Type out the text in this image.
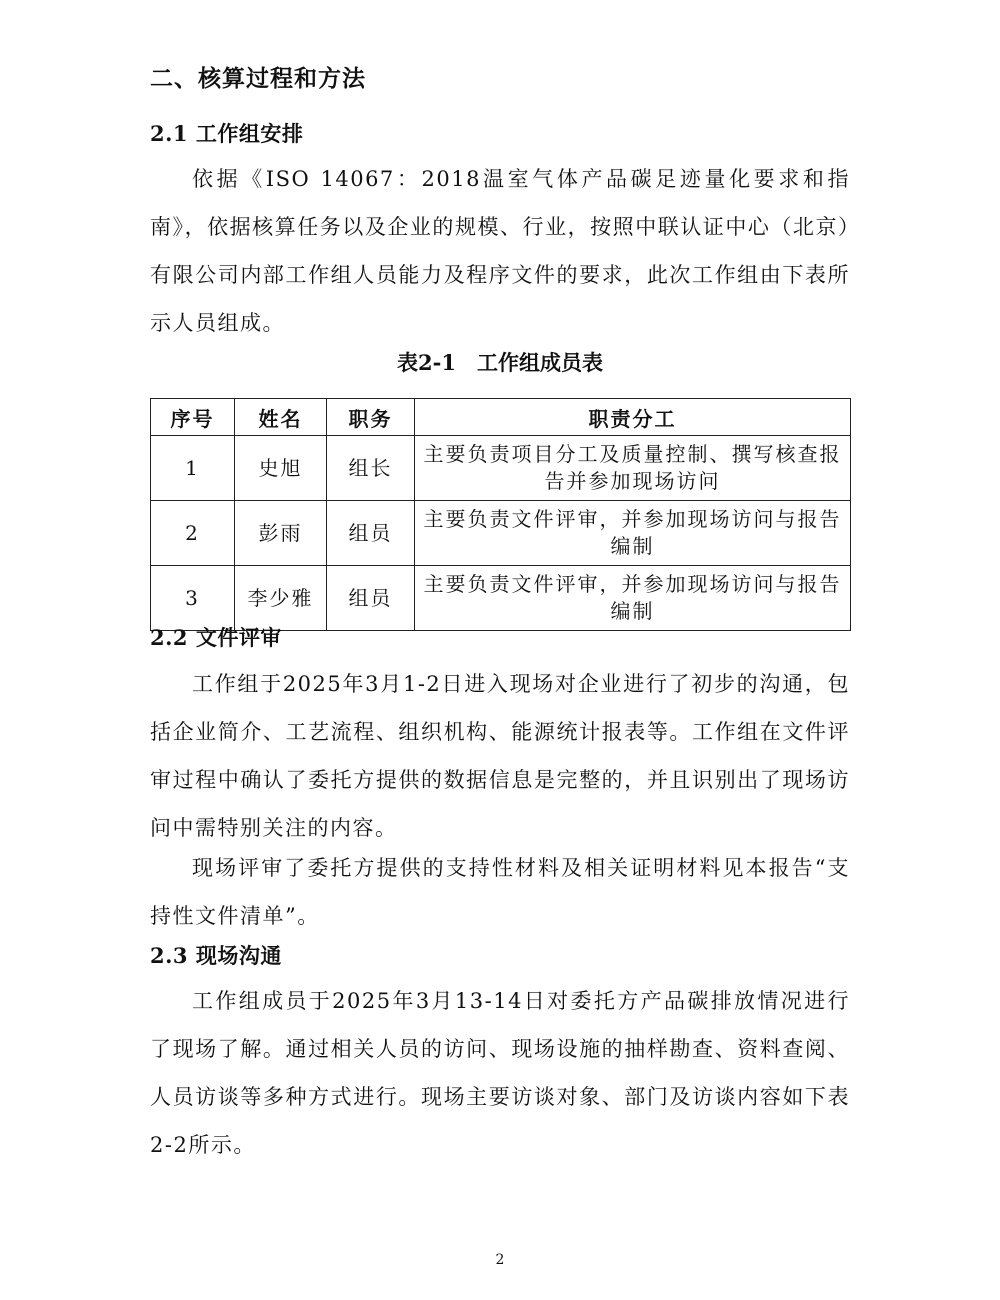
二、核算过程和方法
2.1 工作组安排
依据《ISO 14067：2018温室气体产品碳足迹量化要求和指南》，依据核算任务以及企业的规模、行业，按照中联认证中心（北京）有限公司内部工作组人员能力及程序文件的要求，此次工作组由下表所示人员组成。
表2-1　工作组成员表
序号	姓名	职务	职责分工
1	史旭	组长	主要负责项目分工及质量控制、撰写核查报告并参加现场访问
2	彭雨	组员	主要负责文件评审，并参加现场访问与报告编制
3	李少雅	组员	主要负责文件评审，并参加现场访问与报告编制
2.2 文件评审
工作组于2025年3月1-2日进入现场对企业进行了初步的沟通，包括企业简介、工艺流程、组织机构、能源统计报表等。工作组在文件评审过程中确认了委托方提供的数据信息是完整的，并且识别出了现场访问中需特别关注的内容。
现场评审了委托方提供的支持性材料及相关证明材料见本报告“支持性文件清单”。
2.3 现场沟通
工作组成员于2025年3月13-14日对委托方产品碳排放情况进行了现场了解。通过相关人员的访问、现场设施的抽样勘查、资料查阅、人员访谈等多种方式进行。现场主要访谈对象、部门及访谈内容如下表2-2所示。
2
